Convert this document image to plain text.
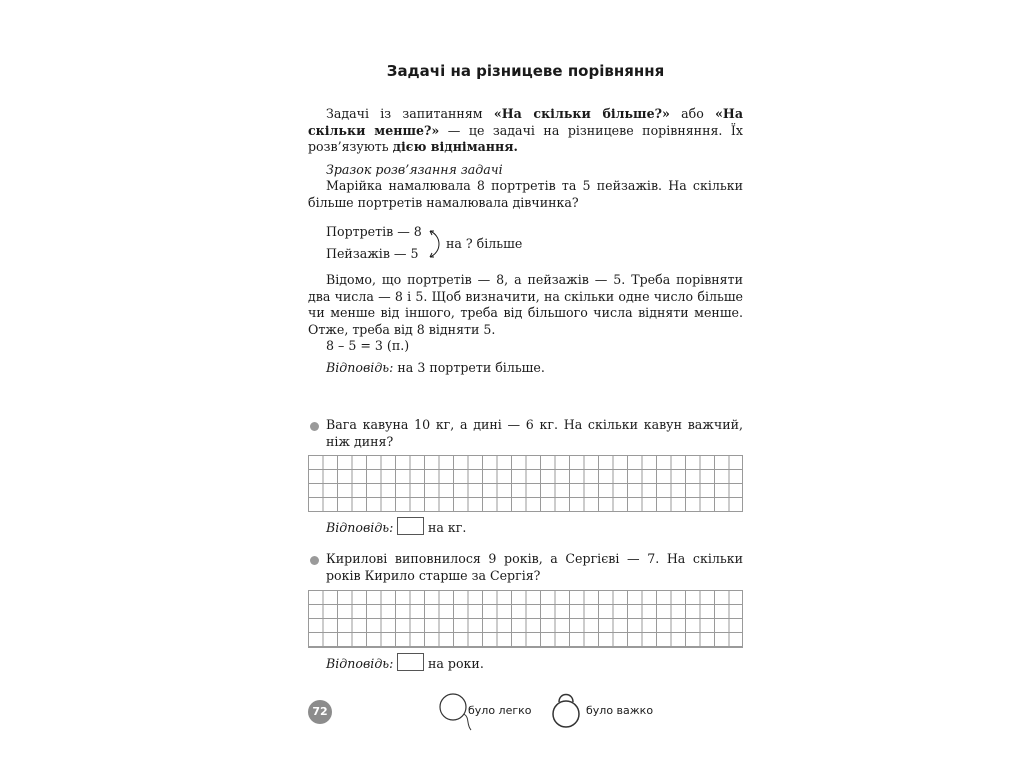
Задачі на різницеве порівняння
Задачі із запитанням «На скільки більше?» або «На скільки менше?» — це задачі на різницеве порівняння. Їх розв’язують дією віднімання.
Зразок розв’язання задачі
Марійка намалювала 8 портретів та 5 пейзажів. На скільки більше портретів намалювала дівчинка?
Портретів — 8
Пейзажів — 5
на ? більше
Відомо, що портретів — 8, а пейзажів — 5. Треба порівняти два числа — 8 і 5. Щоб визначити, на скільки одне число більше чи менше від іншого, треба від більшого числа відняти менше. Отже, треба від 8 відняти 5.
8 – 5 = 3 (п.)
Відповідь: на 3 портрети більше.
Вага кавуна 10 кг, а дині — 6 кг. На скільки кавун важчий, ніж диня?
Відповідь:	на кг.
Кирилові виповнилося 9 років, а Сергієві — 7. На скільки років Кирило старше за Сергія?
Відповідь:	на роки.
72	було легко	було важко
